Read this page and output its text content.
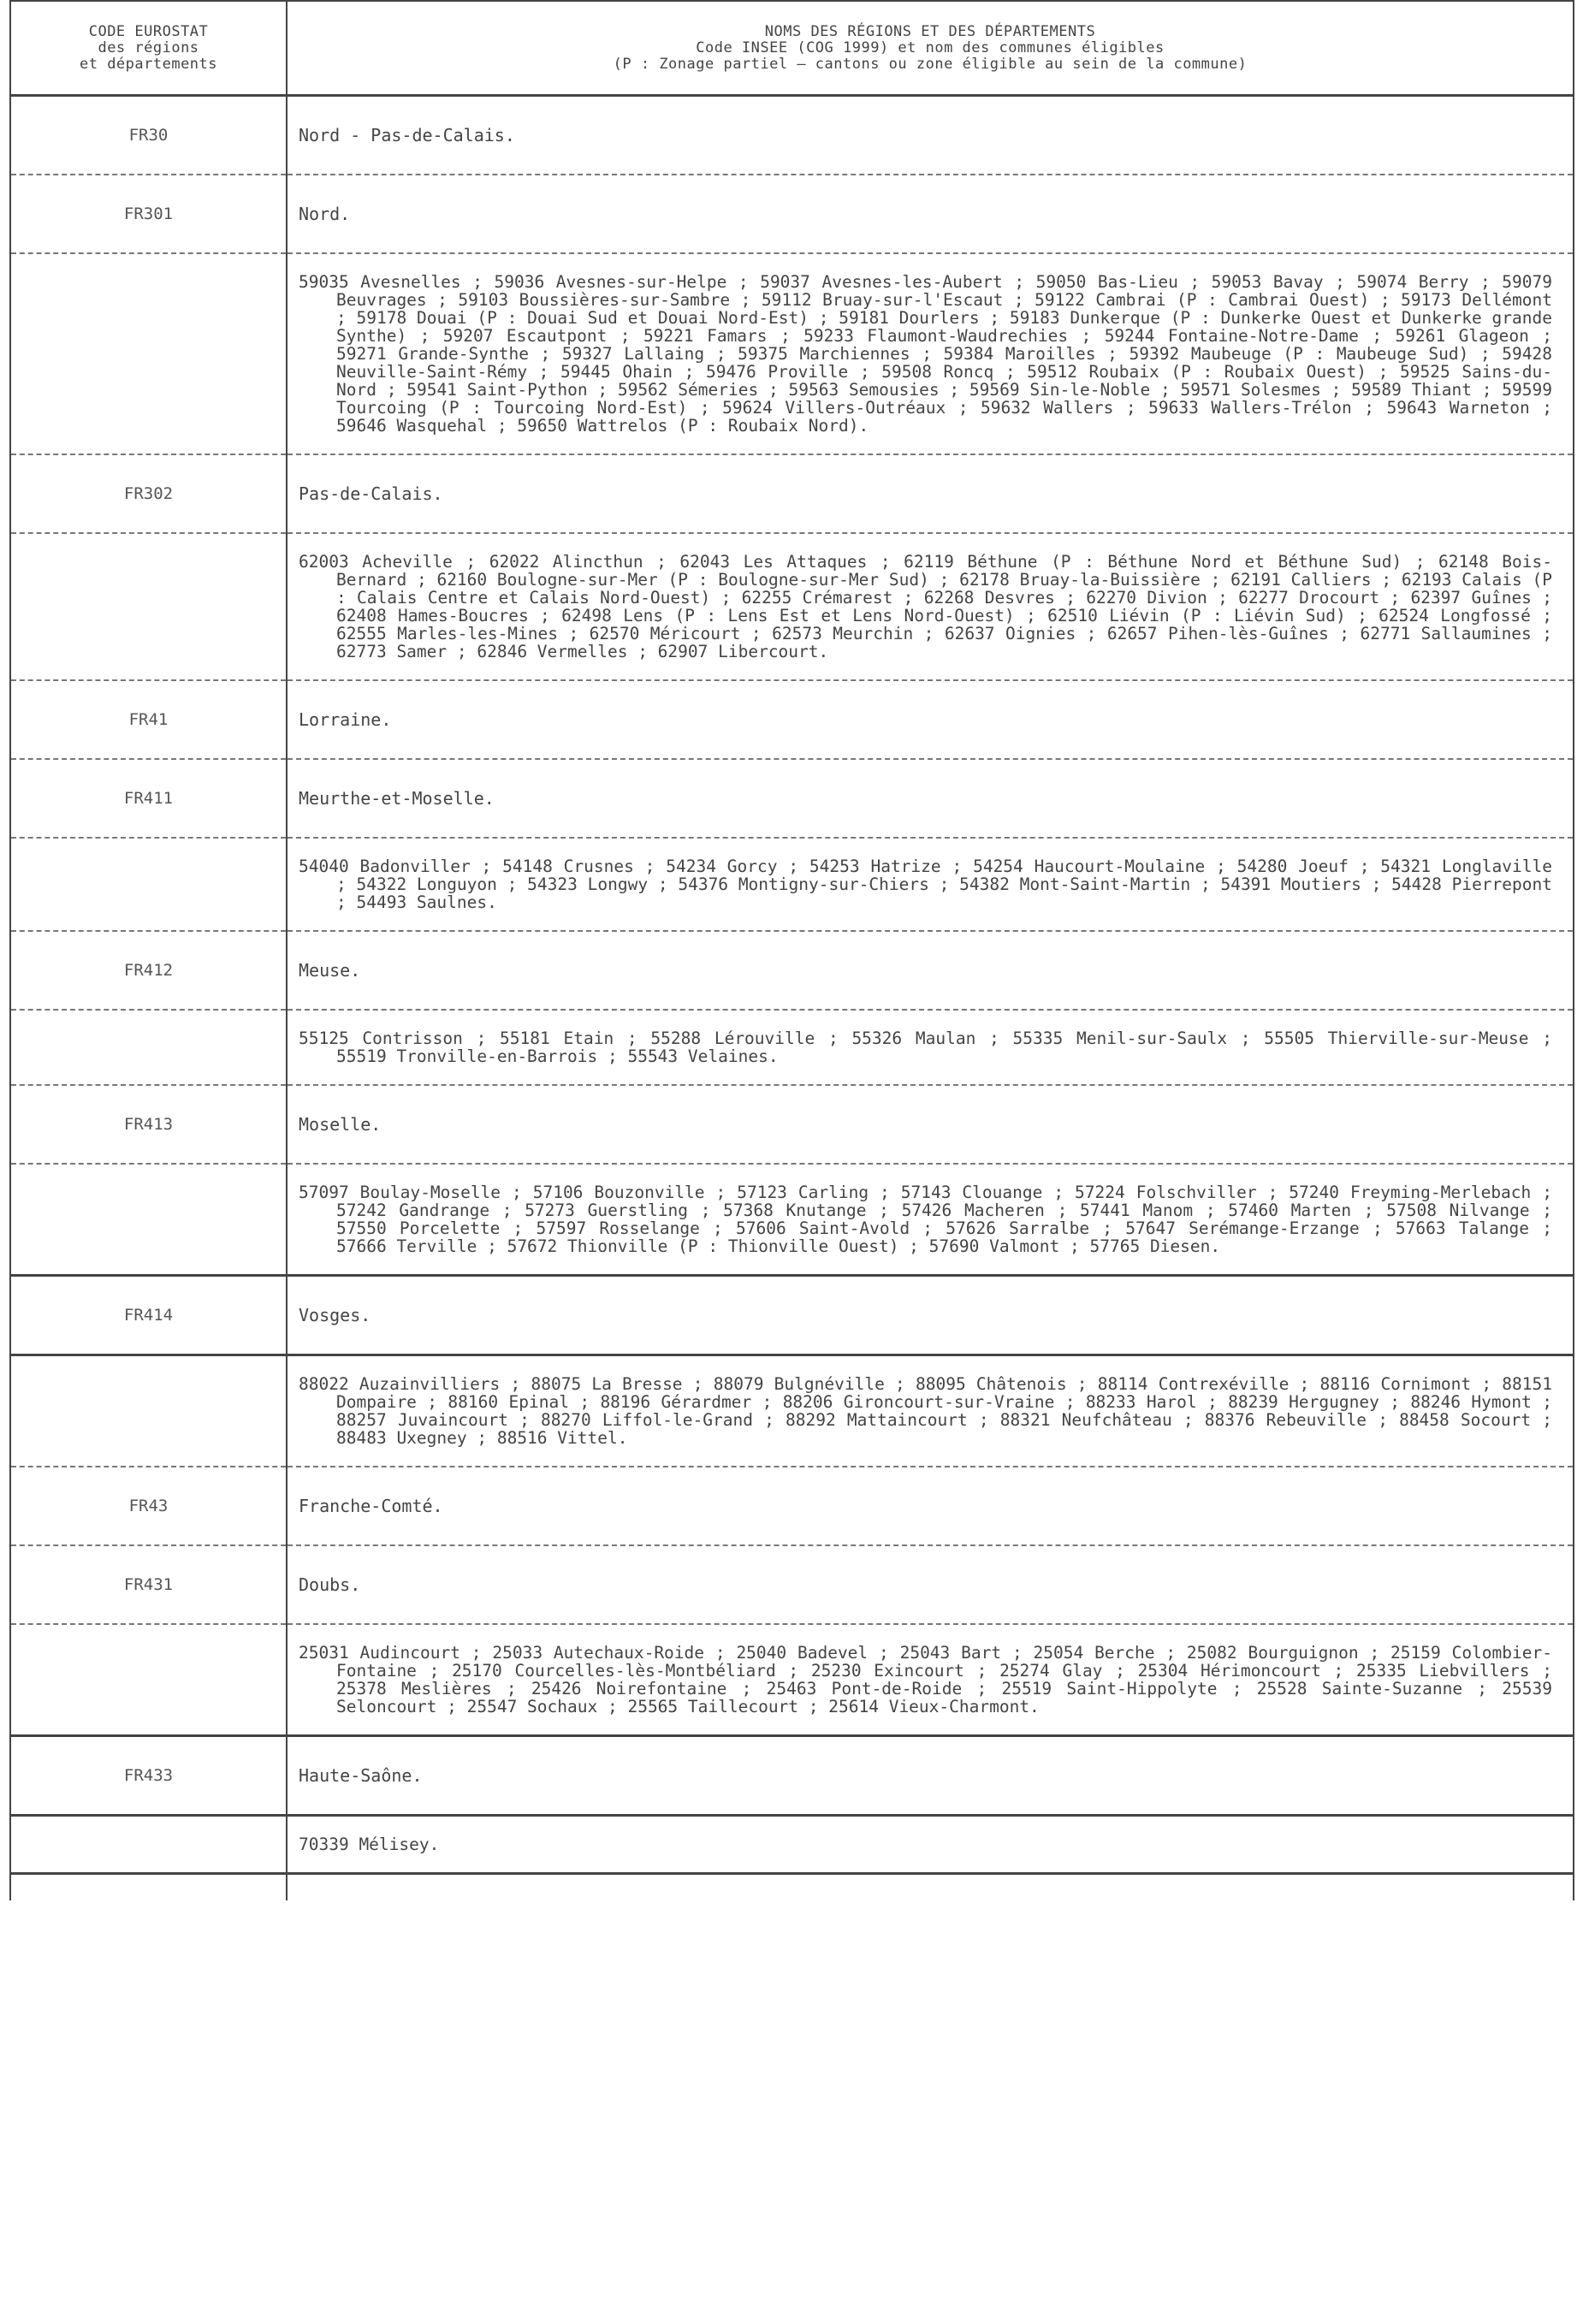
CODE EUROSTAT
des régions
et départements	NOMS DES RÉGIONS ET DES DÉPARTEMENTS
Code INSEE (COG 1999) et nom des communes éligibles
(P : Zonage partiel – cantons ou zone éligible au sein de la commune)

FR30	Nord - Pas-de-Calais.
FR301	Nord.

	59035 Avesnelles ; 59036 Avesnes-sur-Helpe ; 59037 Avesnes-les-Aubert ; 59050 Bas-Lieu ; 59053 Bavay ; 59074 Berry ; 59079 Beuvrages ; 59103 Boussières-sur-Sambre ; 59112 Bruay-sur-l'Escaut ; 59122 Cambrai (P : Cambrai Ouest) ; 59173 Dellémont ; 59178 Douai (P : Douai Sud et Douai Nord-Est) ; 59181 Dourlers ; 59183 Dunkerque (P : Dunkerke Ouest et Dunkerke grande Synthe) ; 59207 Escautpont ; 59221 Famars ; 59233 Flaumont-Waudrechies ; 59244 Fontaine-Notre-Dame ; 59261 Glageon ; 59271 Grande-Synthe ; 59327 Lallaing ; 59375 Marchiennes ; 59384 Maroilles ; 59392 Maubeuge (P : Maubeuge Sud) ; 59428 Neuville-Saint-Rémy ; 59445 Ohain ; 59476 Proville ; 59508 Roncq ; 59512 Roubaix (P : Roubaix Ouest) ; 59525 Sains-du-Nord ; 59541 Saint-Python ; 59562 Sémeries ; 59563 Semousies ; 59569 Sin-le-Noble ; 59571 Solesmes ; 59589 Thiant ; 59599 Tourcoing (P : Tourcoing Nord-Est) ; 59624 Villers-Outréaux ; 59632 Wallers ; 59633 Wallers-Trélon ; 59643 Warneton ; 59646 Wasquehal ; 59650 Wattrelos (P : Roubaix Nord).

FR302	Pas-de-Calais.

	62003 Acheville ; 62022 Alincthun ; 62043 Les Attaques ; 62119 Béthune (P : Béthune Nord et Béthune Sud) ; 62148 Bois-Bernard ; 62160 Boulogne-sur-Mer (P : Boulogne-sur-Mer Sud) ; 62178 Bruay-la-Buissière ; 62191 Calliers ; 62193 Calais (P : Calais Centre et Calais Nord-Ouest) ; 62255 Crémarest ; 62268 Desvres ; 62270 Divion ; 62277 Drocourt ; 62397 Guînes ; 62408 Hames-Boucres ; 62498 Lens (P : Lens Est et Lens Nord-Ouest) ; 62510 Liévin (P : Liévin Sud) ; 62524 Longfossé ; 62555 Marles-les-Mines ; 62570 Méricourt ; 62573 Meurchin ; 62637 Oignies ; 62657 Pihen-lès-Guînes ; 62771 Sallaumines ; 62773 Samer ; 62846 Vermelles ; 62907 Libercourt.

FR41	Lorraine.
FR411	Meurthe-et-Moselle.

	54040 Badonviller ; 54148 Crusnes ; 54234 Gorcy ; 54253 Hatrize ; 54254 Haucourt-Moulaine ; 54280 Joeuf ; 54321 Longlaville ; 54322 Longuyon ; 54323 Longwy ; 54376 Montigny-sur-Chiers ; 54382 Mont-Saint-Martin ; 54391 Moutiers ; 54428 Pierrepont ; 54493 Saulnes.

FR412	Meuse.

	55125 Contrisson ; 55181 Etain ; 55288 Lérouville ; 55326 Maulan ; 55335 Menil-sur-Saulx ; 55505 Thierville-sur-Meuse ; 55519 Tronville-en-Barrois ; 55543 Velaines.

FR413	Moselle.

	57097 Boulay-Moselle ; 57106 Bouzonville ; 57123 Carling ; 57143 Clouange ; 57224 Folschviller ; 57240 Freyming-Merlebach ; 57242 Gandrange ; 57273 Guerstling ; 57368 Knutange ; 57426 Macheren ; 57441 Manom ; 57460 Marten ; 57508 Nilvange ; 57550 Porcelette ; 57597 Rosselange ; 57606 Saint-Avold ; 57626 Sarralbe ; 57647 Serémange-Erzange ; 57663 Talange ; 57666 Terville ; 57672 Thionville (P : Thionville Ouest) ; 57690 Valmont ; 57765 Diesen.

FR414	Vosges.

	88022 Auzainvilliers ; 88075 La Bresse ; 88079 Bulgnéville ; 88095 Châtenois ; 88114 Contrexéville ; 88116 Cornimont ; 88151 Dompaire ; 88160 Epinal ; 88196 Gérardmer ; 88206 Gironcourt-sur-Vraine ; 88233 Harol ; 88239 Hergugney ; 88246 Hymont ; 88257 Juvaincourt ; 88270 Liffol-le-Grand ; 88292 Mattaincourt ; 88321 Neufchâteau ; 88376 Rebeuville ; 88458 Socourt ; 88483 Uxegney ; 88516 Vittel.

FR43	Franche-Comté.
FR431	Doubs.

	25031 Audincourt ; 25033 Autechaux-Roide ; 25040 Badevel ; 25043 Bart ; 25054 Berche ; 25082 Bourguignon ; 25159 Colombier-Fontaine ; 25170 Courcelles-lès-Montbéliard ; 25230 Exincourt ; 25274 Glay ; 25304 Hérimoncourt ; 25335 Liebvillers ; 25378 Meslières ; 25426 Noirefontaine ; 25463 Pont-de-Roide ; 25519 Saint-Hippolyte ; 25528 Sainte-Suzanne ; 25539 Seloncourt ; 25547 Sochaux ; 25565 Taillecourt ; 25614 Vieux-Charmont.

FR433	Haute-Saône.

	70339 Mélisey.
